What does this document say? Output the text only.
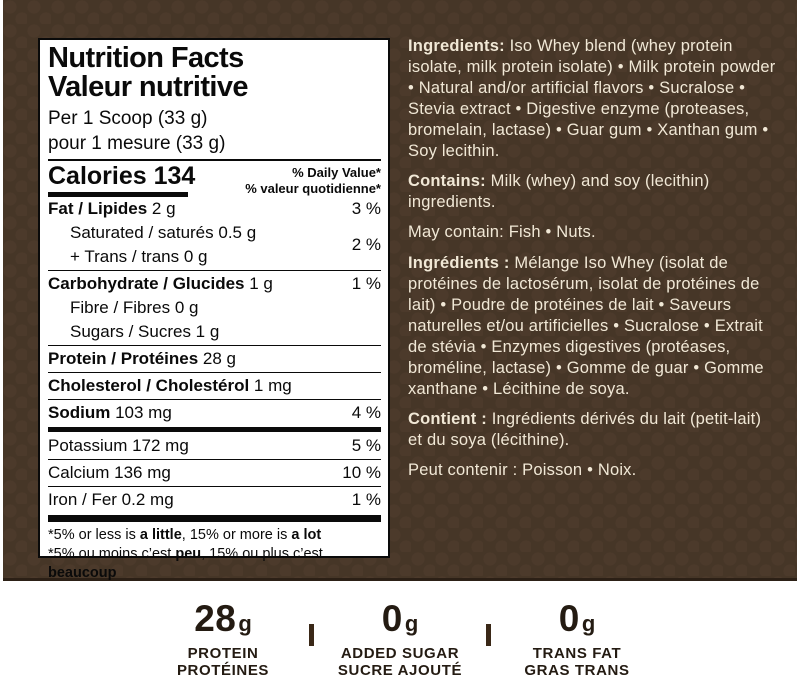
Nutrition Facts
Valeur nutritive
Per 1 Scoop (33 g)
pour 1 mesure (33 g)
Calories 134	% Daily Value*
% valeur quotidienne*
Fat / Lipides 2 g	3 %
Saturated / saturés 0.5 g
+ Trans / trans 0 g
2 %
Carbohydrate / Glucides 1 g	1 %
Fibre / Fibres 0 g
Sugars / Sucres 1 g
Protein / Protéines 28 g
Cholesterol / Cholestérol 1 mg
Sodium 103 mg	4 %
Potassium 172 mg	5 %
Calcium 136 mg	10 %
Iron / Fer 0.2 mg	1 %
*5% or less is a little, 15% or more is a lot
*5% ou moins c’est peu, 15% ou plus c’est beaucoup

Ingredients: Iso Whey blend (whey protein isolate, milk protein isolate) • Milk protein powder • Natural and/or artificial flavors • Sucralose • Stevia extract • Digestive enzyme (proteases, bromelain, lactase) • Guar gum • Xanthan gum • Soy lecithin.

Contains: Milk (whey) and soy (lecithin) ingredients.

May contain: Fish • Nuts.

Ingrédients : Mélange Iso Whey (isolat de protéines de lactosérum, isolat de protéines de lait) • Poudre de protéines de lait • Saveurs naturelles et/ou artificielles • Sucralose • Extrait de stévia • Enzymes digestives (protéases, broméline, lactase) • Gomme de guar • Gomme xanthane • Lécithine de soya.

Contient : Ingrédients dérivés du lait (petit-lait) et du soya (lécithine).

Peut contenir : Poisson • Noix.

28g
PROTEIN
PROTÉINES
0g
ADDED SUGAR
SUCRE AJOUTÉ
0g
TRANS FAT
GRAS TRANS
